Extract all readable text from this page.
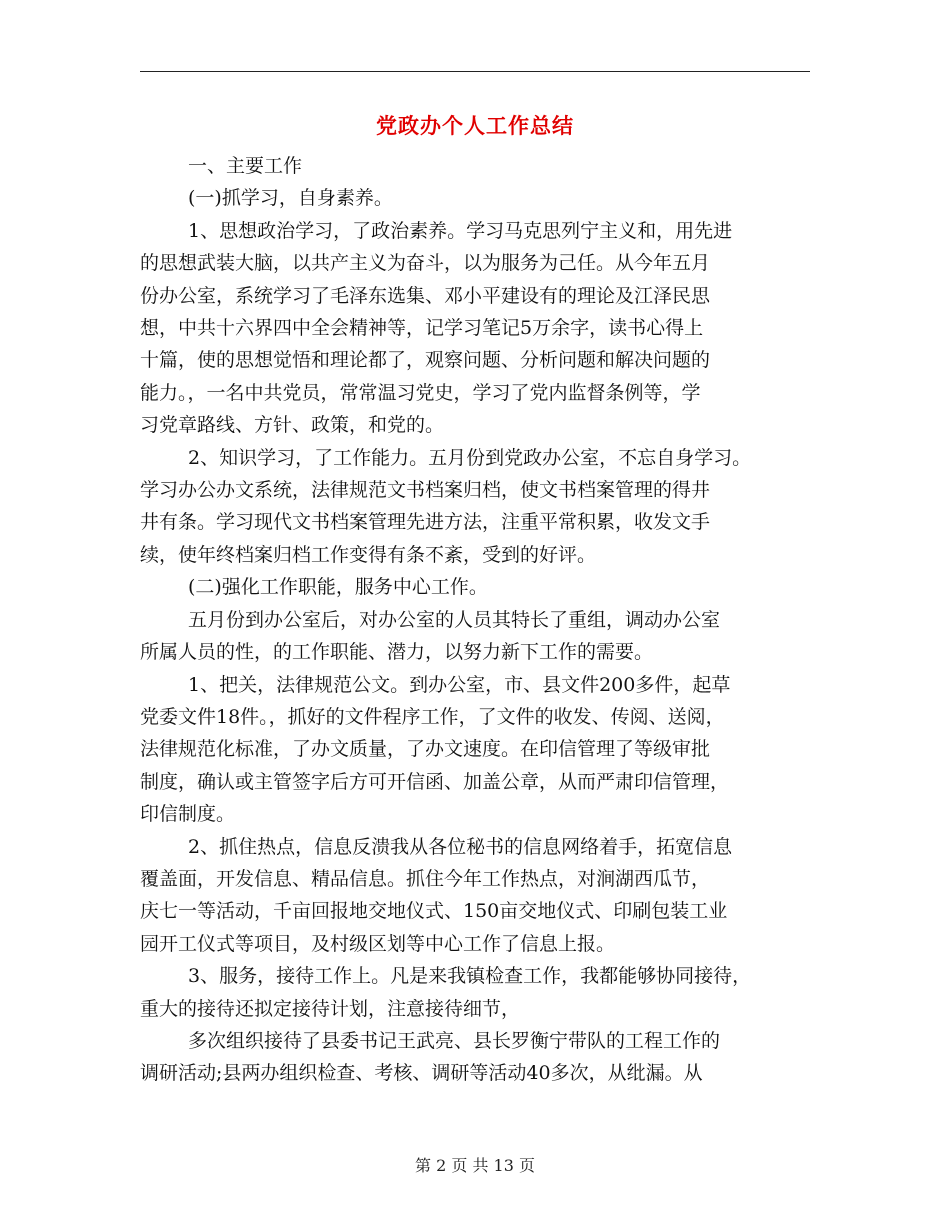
党政办个人工作总结

一、主要工作

(一)抓学习，自身素养。

1、思想政治学习，了政治素养。学习马克思列宁主义和，用先进

的思想武装大脑，以共产主义为奋斗，以为服务为己任。从今年五月

份办公室，系统学习了毛泽东选集、邓小平建设有的理论及江泽民思

想，中共十六界四中全会精神等，记学习笔记5万余字，读书心得上

十篇，使的思想觉悟和理论都了，观察问题、分析问题和解决问题的

能力。，一名中共党员，常常温习党史，学习了党内监督条例等，学

习党章路线、方针、政策，和党的。

2、知识学习，了工作能力。五月份到党政办公室，不忘自身学习。

学习办公办文系统，法律规范文书档案归档，使文书档案管理的得井

井有条。学习现代文书档案管理先进方法，注重平常积累，收发文手

续，使年终档案归档工作变得有条不紊，受到的好评。

(二)强化工作职能，服务中心工作。

五月份到办公室后，对办公室的人员其特长了重组，调动办公室

所属人员的性，的工作职能、潜力，以努力新下工作的需要。

1、把关，法律规范公文。到办公室，市、县文件200多件，起草

党委文件18件。，抓好的文件程序工作，了文件的收发、传阅、送阅，

法律规范化标准，了办文质量，了办文速度。在印信管理了等级审批

制度，确认或主管签字后方可开信函、加盖公章，从而严肃印信管理，

印信制度。

2、抓住热点，信息反溃我从各位秘书的信息网络着手，拓宽信息

覆盖面，开发信息、精品信息。抓住今年工作热点，对涧湖西瓜节，

庆七一等活动，千亩回报地交地仪式、150亩交地仪式、印刷包装工业

园开工仪式等项目，及村级区划等中心工作了信息上报。

3、服务，接待工作上。凡是来我镇检查工作，我都能够协同接待，

重大的接待还拟定接待计划，注意接待细节，

多次组织接待了县委书记王武亮、县长罗衡宁带队的工程工作的

调研活动;县两办组织检查、考核、调研等活动40多次，从纰漏。从

第 2 页 共 13 页
